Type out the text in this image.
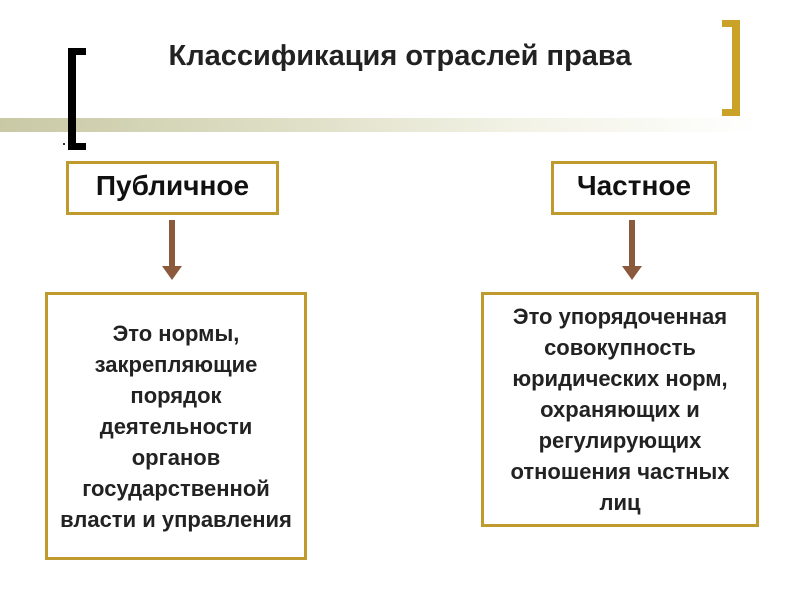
Классификация отраслей права
Публичное	Частное
Это нормы, закрепляющие порядок деятельности органов государственной власти и управления
Это упорядоченная совокупность юридических норм, охраняющих и регулирующих отношения частных лиц
